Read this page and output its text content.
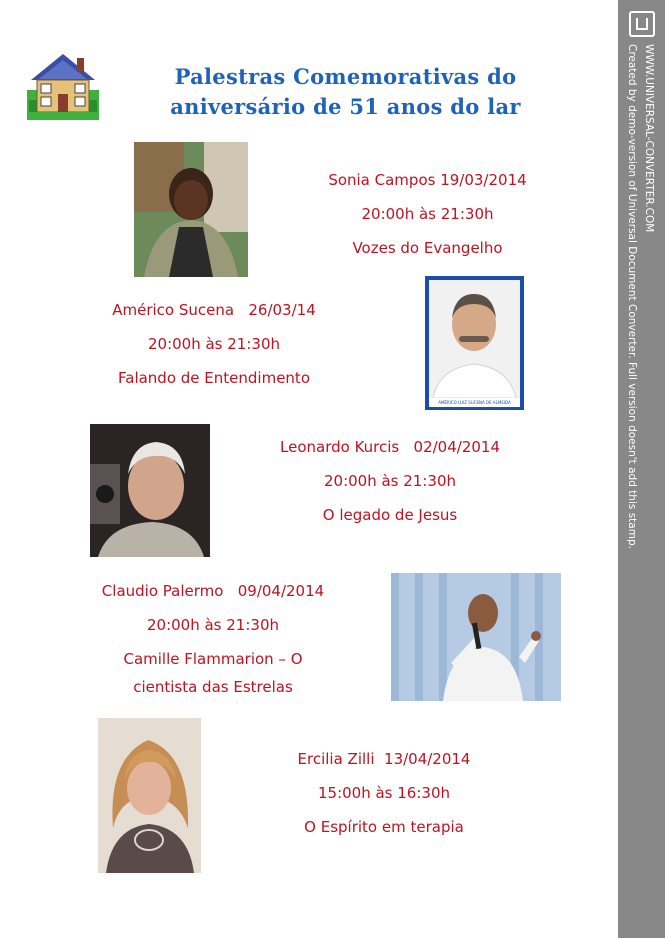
Palestras Comemorativas do
aniversário de 51 anos do lar
Sonia Campos 19/03/2014
20:00h às 21:30h
Vozes do Evangelho
Américo Sucena   26/03/14
20:00h às 21:30h
Falando de Entendimento
AMÉRICO LUIZ SUCENA DE ALMEIDA
Leonardo Kurcis   02/04/2014
20:00h às 21:30h
O legado de Jesus
Claudio Palermo   09/04/2014
20:00h às 21:30h
Camille Flammarion – O
cientista das Estrelas
Ercilia Zilli  13/04/2014
15:00h às 16:30h
O Espírito em terapia
Created by demo-version of Universal Document Converter. Full version doesn't add this stamp. WWW.UNIVERSAL-CONVERTER.COM
